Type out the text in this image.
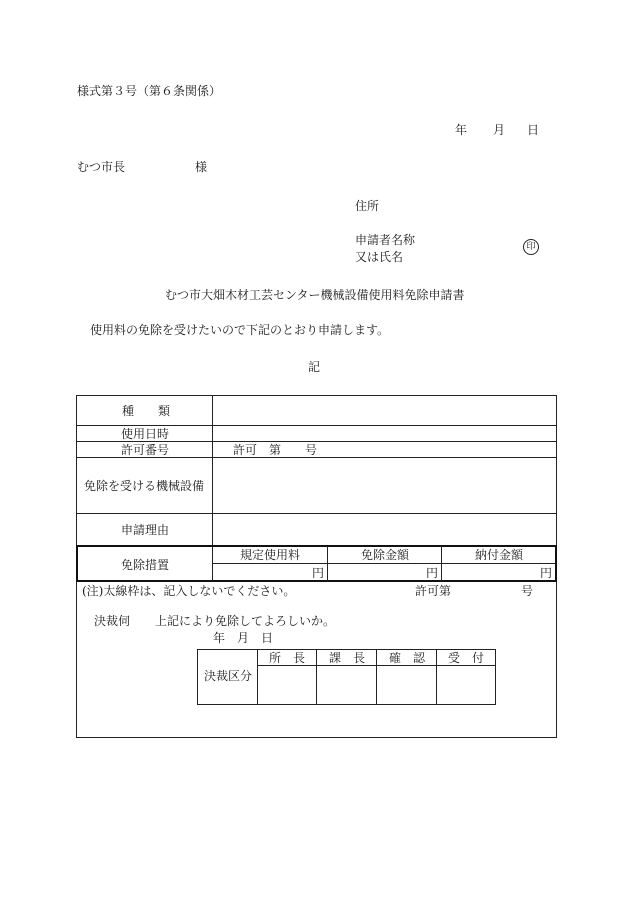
様式第３号（第６条関係）
年 月 日
むつ市長	様
住所
申請者名称
又は氏名
印
むつ市大畑木材工芸センター機械設備使用料免除申請書
使用料の免除を受けたいので下記のとおり申請します。
記
種　　類
使用日時
許可番号	許可　第　　号
免除を受ける機械設備
申請理由
免除措置
規定使用料	免除金額	納付金額
円	円	円
(注)太線枠は、記入しないでください。	許可第	号
決裁伺 上記により免除してよろしいか。
年　月　日
決裁区分
所　長 課　長 確　認 受　付
